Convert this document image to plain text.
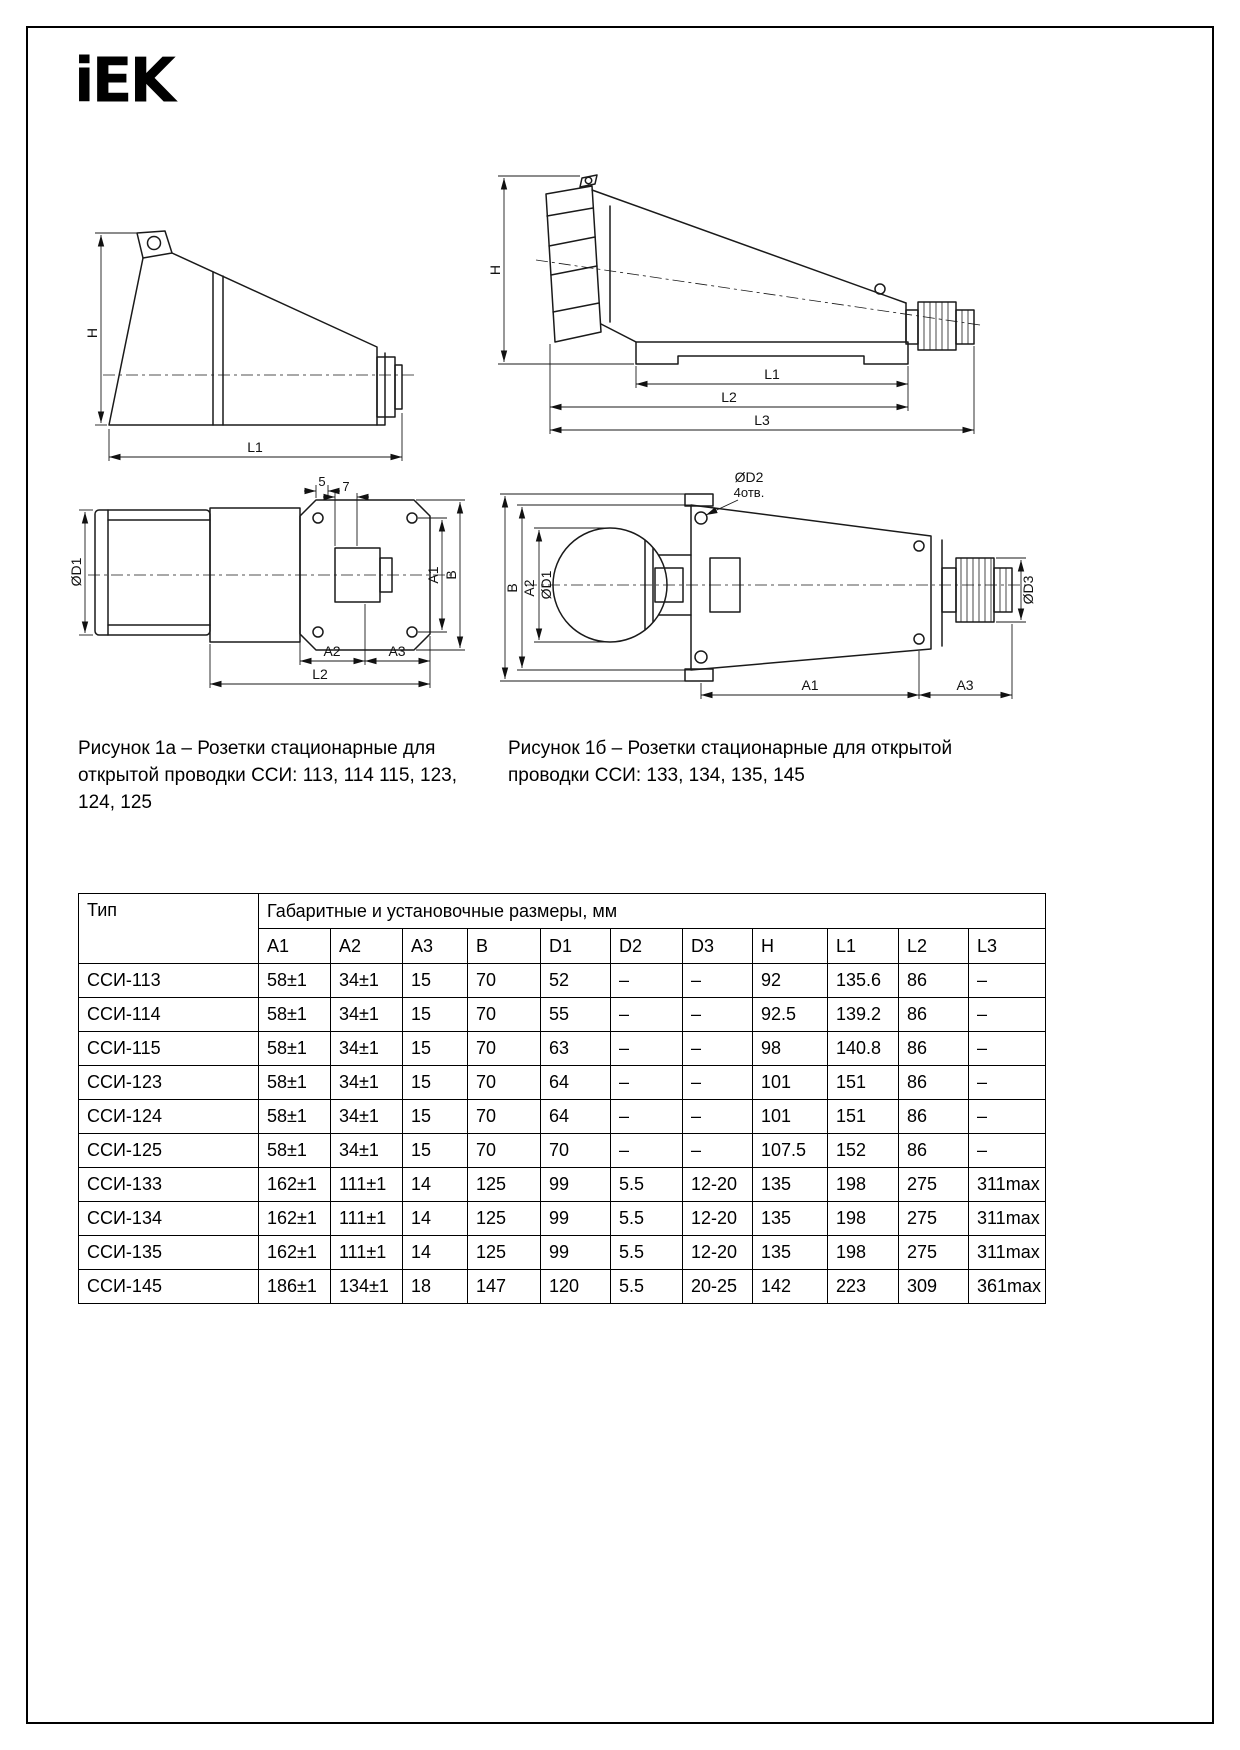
iEK
H
L1
H
L1
L2
L3
ØD1
5 7
A1 B
A2	A3
L2
ØD2
4отв.
B A2 ØD1	ØD3
A1	A3
Рисунок 1а – Розетки стационарные для открытой проводки ССИ: 113, 114 115, 123, 124, 125
Рисунок 1б – Розетки стационарные для открытой проводки ССИ: 133, 134, 135, 145
Тип	Габаритные и установочные размеры, мм										
	A1	A2	A3	B	D1	D2	D3	H	L1	L2	L3
ССИ-113	58±1	34±1	15	70	52	–	–	92	135.6	86	–
ССИ-114	58±1	34±1	15	70	55	–	–	92.5	139.2	86	–
ССИ-115	58±1	34±1	15	70	63	–	–	98	140.8	86	–
ССИ-123	58±1	34±1	15	70	64	–	–	101	151	86	–
ССИ-124	58±1	34±1	15	70	64	–	–	101	151	86	–
ССИ-125	58±1	34±1	15	70	70	–	–	107.5	152	86	–
ССИ-133	162±1	111±1	14	125	99	5.5	12-20	135	198	275	311max
ССИ-134	162±1	111±1	14	125	99	5.5	12-20	135	198	275	311max
ССИ-135	162±1	111±1	14	125	99	5.5	12-20	135	198	275	311max
ССИ-145	186±1	134±1	18	147	120	5.5	20-25	142	223	309	361max
